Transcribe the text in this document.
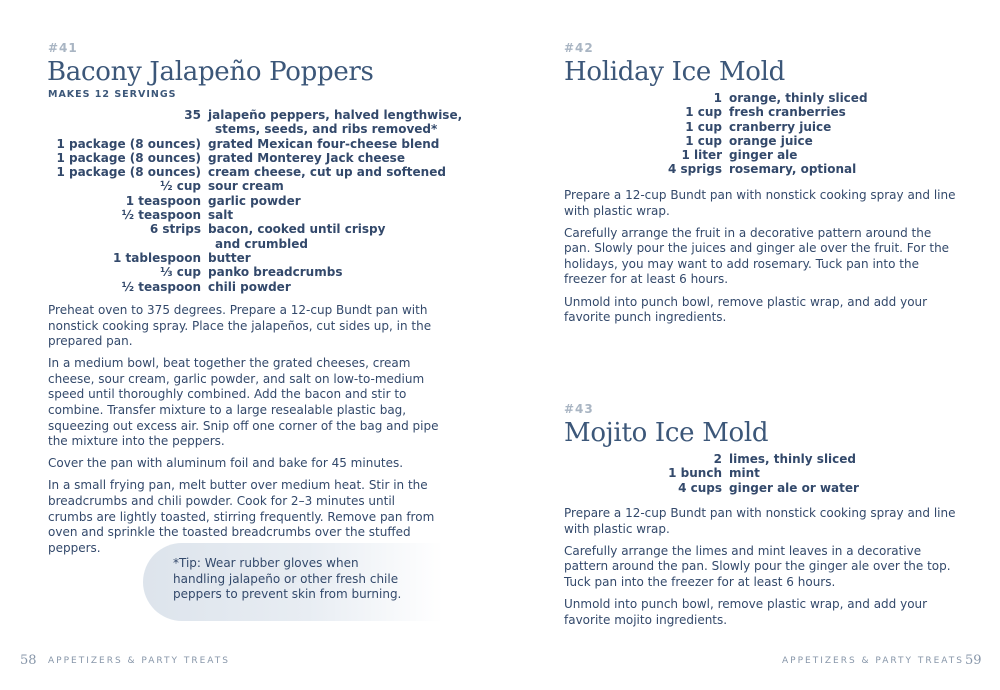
#41
Bacony Jalapeño Poppers
MAKES 12 SERVINGS
35 jalapeño peppers, halved lengthwise,
stems, seeds, and ribs removed*
1 package (8 ounces) grated Mexican four-cheese blend
1 package (8 ounces) grated Monterey Jack cheese
1 package (8 ounces) cream cheese, cut up and softened
½ cup sour cream
1 teaspoon garlic powder
½ teaspoon salt
6 strips bacon, cooked until crispy
and crumbled
1 tablespoon butter
⅓ cup panko breadcrumbs
½ teaspoon chili powder

Preheat oven to 375 degrees. Prepare a 12-cup Bundt pan with nonstick cooking spray. Place the jalapeños, cut sides up, in the prepared pan.

In a medium bowl, beat together the grated cheeses, cream cheese, sour cream, garlic powder, and salt on low-to-medium speed until thoroughly combined. Add the bacon and stir to combine. Transfer mixture to a large resealable plastic bag, squeezing out excess air. Snip off one corner of the bag and pipe the mixture into the peppers.

Cover the pan with aluminum foil and bake for 45 minutes.

In a small frying pan, melt butter over medium heat. Stir in the breadcrumbs and chili powder. Cook for 2–3 minutes until crumbs are lightly toasted, stirring frequently. Remove pan from oven and sprinkle the toasted breadcrumbs over the stuffed peppers.

*Tip: Wear rubber gloves when handling jalapeño or other fresh chile peppers to prevent skin from burning.
58 APPETIZERS & PARTY TREATS
#42
Holiday Ice Mold
1 orange, thinly sliced
1 cup fresh cranberries
1 cup cranberry juice
1 cup orange juice
1 liter ginger ale
4 sprigs rosemary, optional

Prepare a 12-cup Bundt pan with nonstick cooking spray and line with plastic wrap.

Carefully arrange the fruit in a decorative pattern around the pan. Slowly pour the juices and ginger ale over the fruit. For the holidays, you may want to add rosemary. Tuck pan into the freezer for at least 6 hours.

Unmold into punch bowl, remove plastic wrap, and add your favorite punch ingredients.

#43
Mojito Ice Mold
2 limes, thinly sliced
1 bunch mint
4 cups ginger ale or water

Prepare a 12-cup Bundt pan with nonstick cooking spray and line with plastic wrap.

Carefully arrange the limes and mint leaves in a decorative pattern around the pan. Slowly pour the ginger ale over the top. Tuck pan into the freezer for at least 6 hours.

Unmold into punch bowl, remove plastic wrap, and add your favorite mojito ingredients.

APPETIZERS & PARTY TREATS 59
